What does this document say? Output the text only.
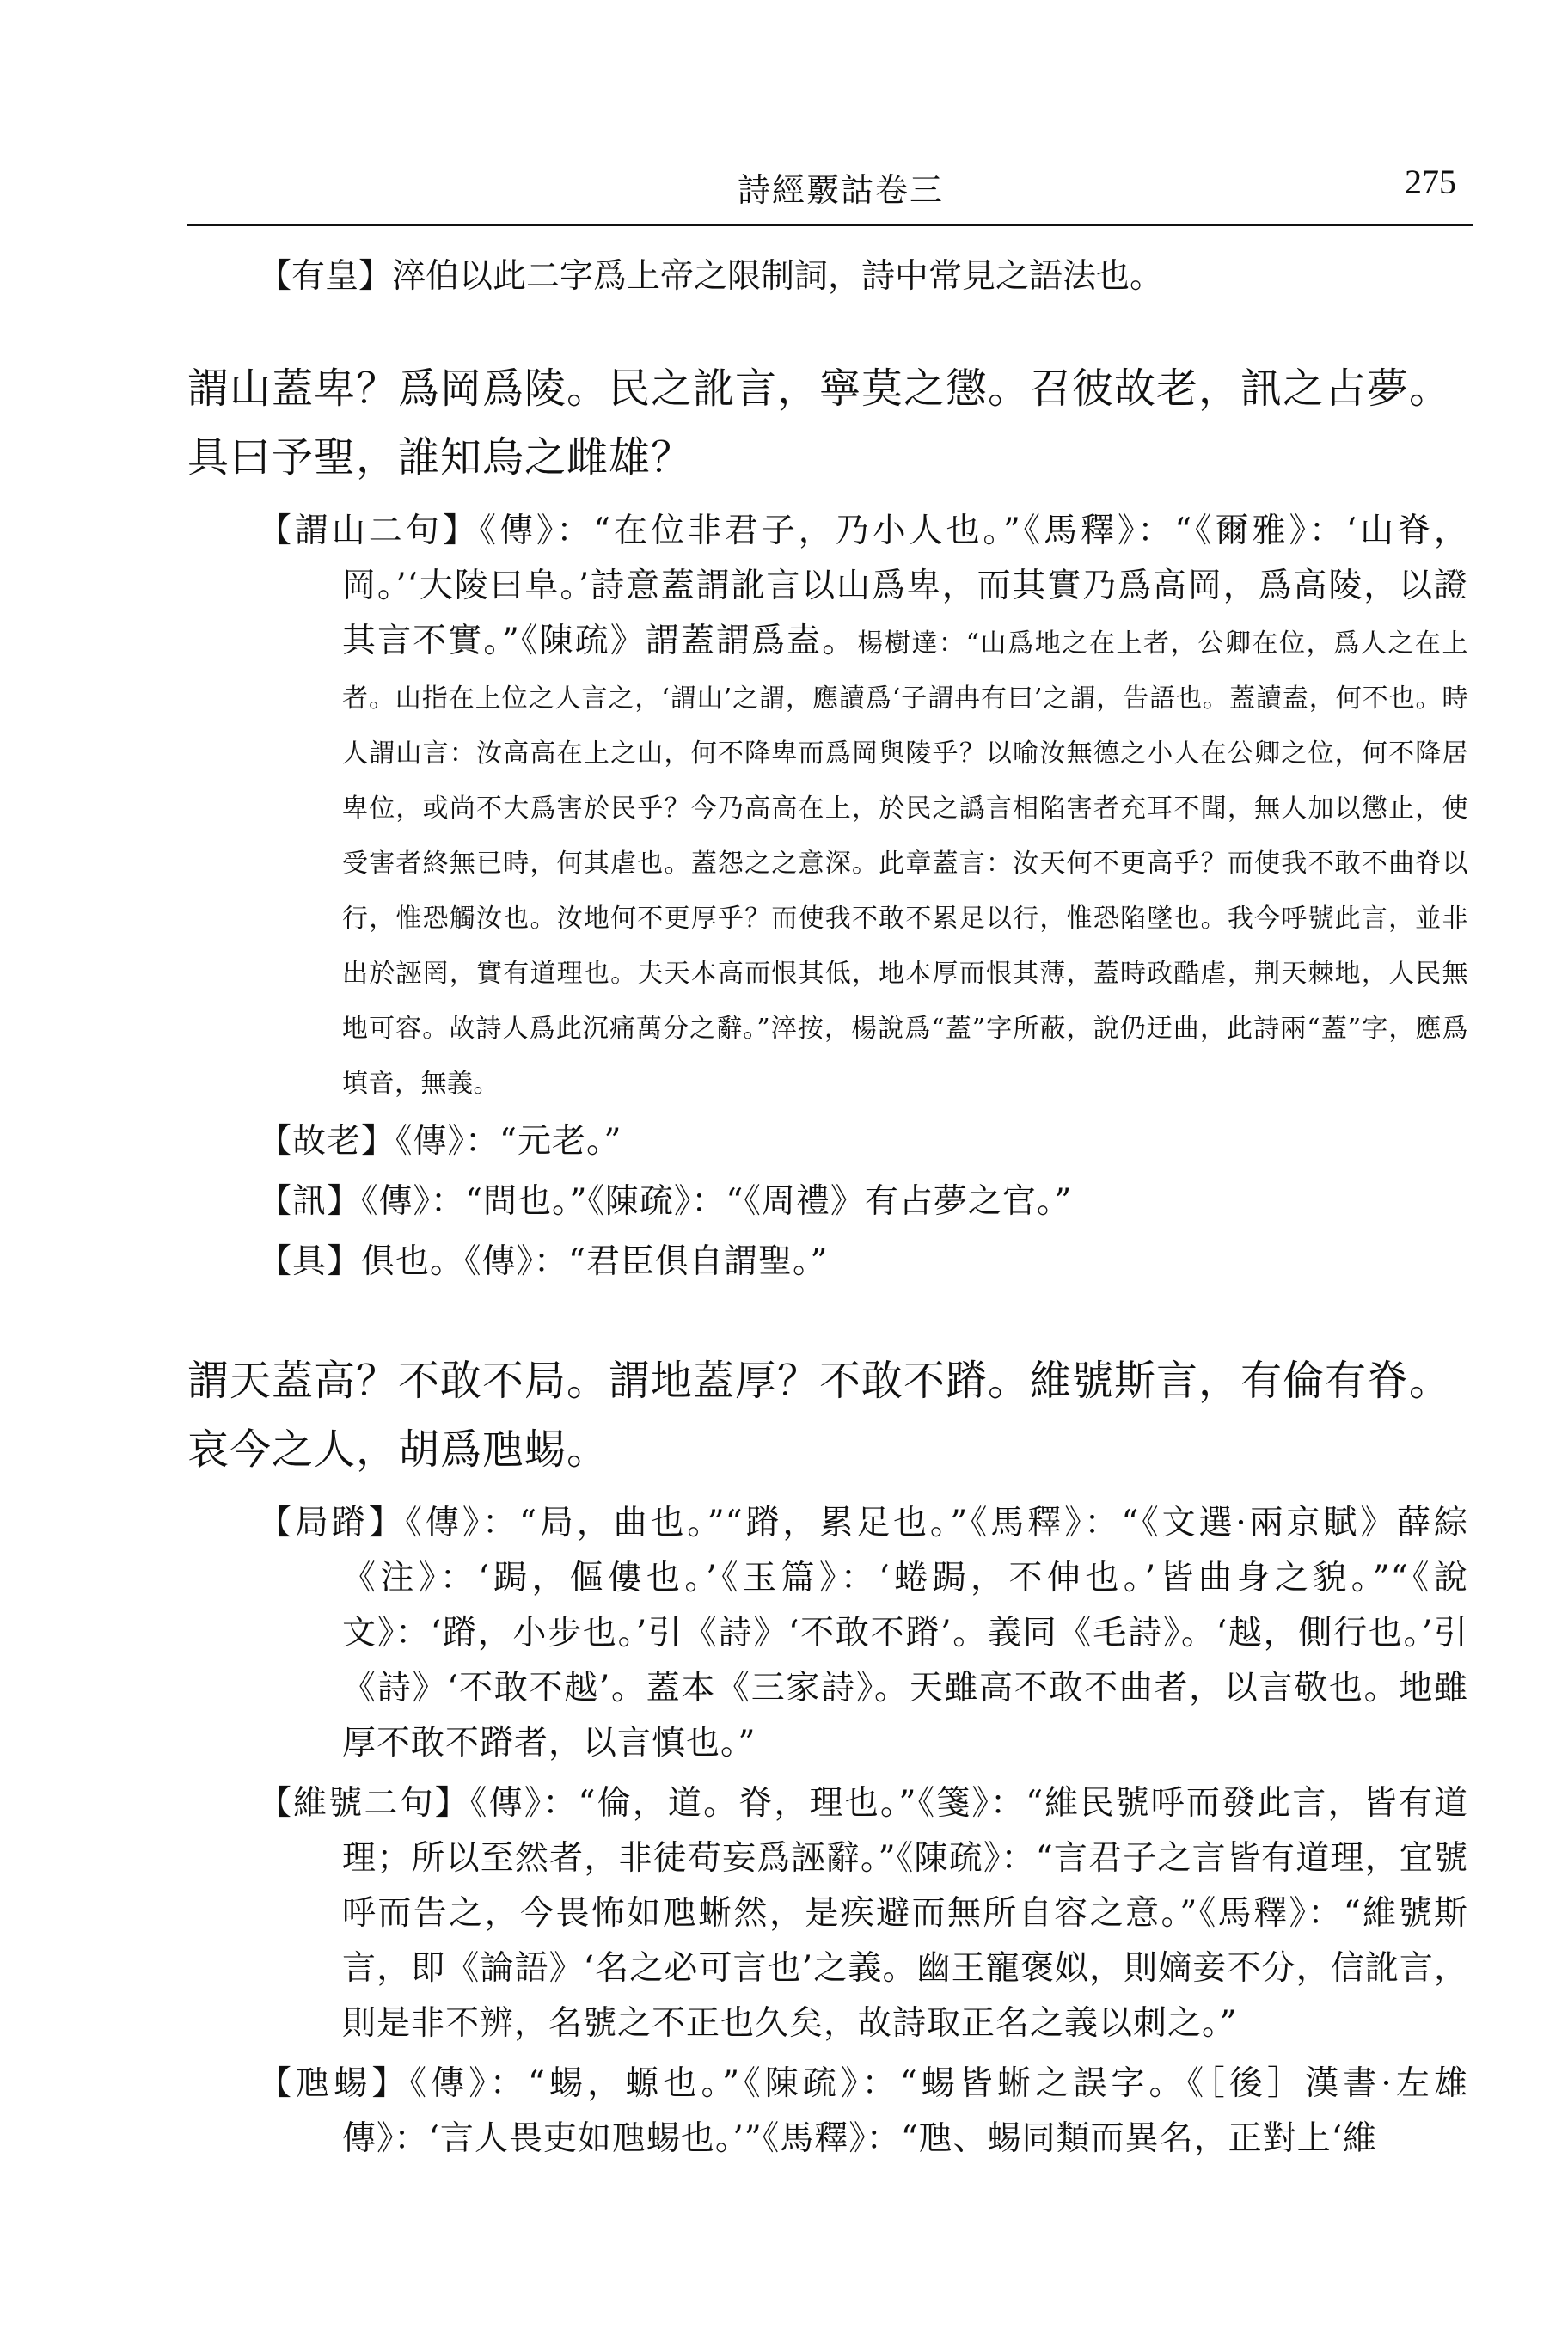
詩經覈詁卷三	275

【有皇】淬伯以此二字爲上帝之限制詞，詩中常見之語法也。

謂山蓋卑？爲岡爲陵。民之訛言，寧莫之懲。召彼故老，訊之占夢。具曰予聖，誰知烏之雌雄？

【謂山二句】《傳》：“在位非君子，乃小人也。”《馬釋》：“《爾雅》：‘山脊，岡。’‘大陵曰阜。’詩意蓋謂訛言以山爲卑，而其實乃爲高岡，爲高陵，以證其言不實。”《陳疏》謂蓋謂爲盍。楊樹達：“山爲地之在上者，公卿在位，爲人之在上者。山指在上位之人言之，‘謂山’之謂，應讀爲‘子謂冉有曰’之謂，告語也。蓋讀盍，何不也。時人謂山言：汝高高在上之山，何不降卑而爲岡與陵乎？以喻汝無德之小人在公卿之位，何不降居卑位，或尚不大爲害於民乎？今乃高高在上，於民之譌言相陷害者充耳不聞，無人加以懲止，使受害者終無已時，何其虐也。蓋怨之之意深。此章蓋言：汝天何不更高乎？而使我不敢不曲脊以行，惟恐觸汝也。汝地何不更厚乎？而使我不敢不累足以行，惟恐陷墜也。我今呼號此言，並非出於誣罔，實有道理也。夫天本高而恨其低，地本厚而恨其薄，蓋時政酷虐，荆天棘地，人民無地可容。故詩人爲此沉痛萬分之辭。”淬按，楊說爲“蓋”字所蔽，說仍迂曲，此詩兩“蓋”字，應爲填音，無義。

【故老】《傳》：“元老。”

【訊】《傳》：“問也。”《陳疏》：“《周禮》有占夢之官。”

【具】俱也。《傳》：“君臣俱自謂聖。”

謂天蓋高？不敢不局。謂地蓋厚？不敢不蹐。維號斯言，有倫有脊。哀今之人，胡爲虺蜴。

【局蹐】《傳》：“局，曲也。”“蹐，累足也。”《馬釋》：“《文選·兩京賦》薛綜《注》：‘跼，傴僂也。’《玉篇》：‘蜷跼，不伸也。’皆曲身之貌。”“《說文》：‘蹐，小步也。’引《詩》‘不敢不蹐’。義同《毛詩》。‘越，側行也。’引《詩》‘不敢不越’。蓋本《三家詩》。天雖高不敢不曲者，以言敬也。地雖厚不敢不蹐者，以言慎也。”

【維號二句】《傳》：“倫，道。脊，理也。”《箋》：“維民號呼而發此言，皆有道理；所以至然者，非徒苟妄爲誣辭。”《陳疏》：“言君子之言皆有道理，宜號呼而告之，今畏怖如虺蜥然，是疾避而無所自容之意。”《馬釋》：“維號斯言，即《論語》‘名之必可言也’之義。幽王寵褒姒，則嫡妾不分，信訛言，則是非不辨，名號之不正也久矣，故詩取正名之義以刺之。”

【虺蜴】《傳》：“蜴，螈也。”《陳疏》：“蜴皆蜥之誤字。《［後］漢書·左雄傳》：‘言人畏吏如虺蜴也。’”《馬釋》：“虺、蜴同類而異名，正對上‘維
